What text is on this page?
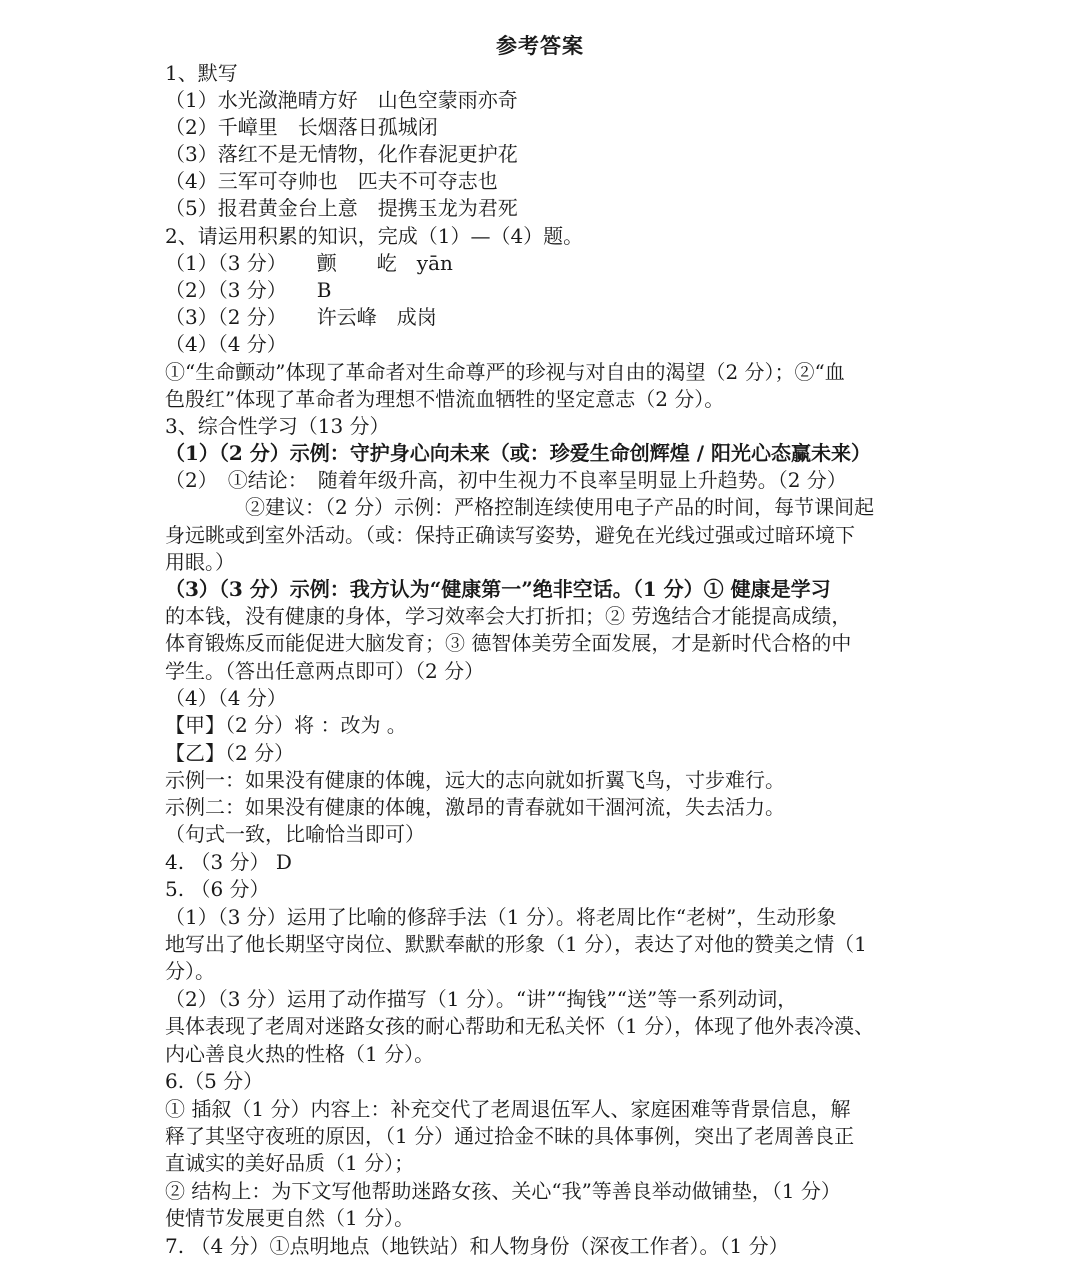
参考答案
1、默写
（1）水光潋滟晴方好　山色空蒙雨亦奇
（2）千嶂里　长烟落日孤城闭
（3）落红不是无情物，化作春泥更护花
（4）三军可夺帅也　匹夫不可夺志也
（5）报君黄金台上意　提携玉龙为君死
2、请运用积累的知识，完成（1）—（4）题。
（1）（3 分）　　颤　　屹　yān
（2）（3 分）　　B
（3）（2 分）　　许云峰　成岗
（4）（4 分）
①“生命颤动”体现了革命者对生命尊严的珍视与对自由的渴望（2 分）；②“血
色殷红”体现了革命者为理想不惜流血牺牲的坚定意志（2 分）。
3、综合性学习（13 分）
（1）（2 分）示例：守护身心向未来（或：珍爱生命创辉煌 / 阳光心态赢未来）
（2）　①结论：　随着年级升高，初中生视力不良率呈明显上升趋势。（2 分）
　　　　②建议：（2 分）示例：严格控制连续使用电子产品的时间，每节课间起
身远眺或到室外活动。（或：保持正确读写姿势，避免在光线过强或过暗环境下
用眼。）
（3）（3 分）示例：我方认为“健康第一”绝非空话。（1 分）① 健康是学习
的本钱，没有健康的身体，学习效率会大打折扣；② 劳逸结合才能提高成绩，
体育锻炼反而能促进大脑发育；③ 德智体美劳全面发展，才是新时代合格的中
学生。（答出任意两点即可）（2 分）
（4）（4 分）
【甲】（2 分）将 ：改为 。
【乙】（2 分）
示例一：如果没有健康的体魄，远大的志向就如折翼飞鸟，寸步难行。
示例二：如果没有健康的体魄，激昂的青春就如干涸河流，失去活力。
（句式一致，比喻恰当即可）
4. （3 分） D
5. （6 分）
（1）（3 分）运用了比喻的修辞手法（1 分）。将老周比作“老树”，生动形象
地写出了他长期坚守岗位、默默奉献的形象（1 分），表达了对他的赞美之情（1
分）。
（2）（3 分）运用了动作描写（1 分）。“讲”“掏钱”“送”等一系列动词，
具体表现了老周对迷路女孩的耐心帮助和无私关怀（1 分），体现了他外表冷漠、
内心善良火热的性格（1 分）。
6.（5 分）
① 插叙（1 分）内容上：补充交代了老周退伍军人、家庭困难等背景信息，解
释了其坚守夜班的原因，（1 分）通过拾金不昧的具体事例，突出了老周善良正
直诚实的美好品质（1 分）；
② 结构上：为下文写他帮助迷路女孩、关心“我”等善良举动做铺垫，（1 分）
使情节发展更自然（1 分）。
7. （4 分）①点明地点（地铁站）和人物身份（深夜工作者）。（1 分）
